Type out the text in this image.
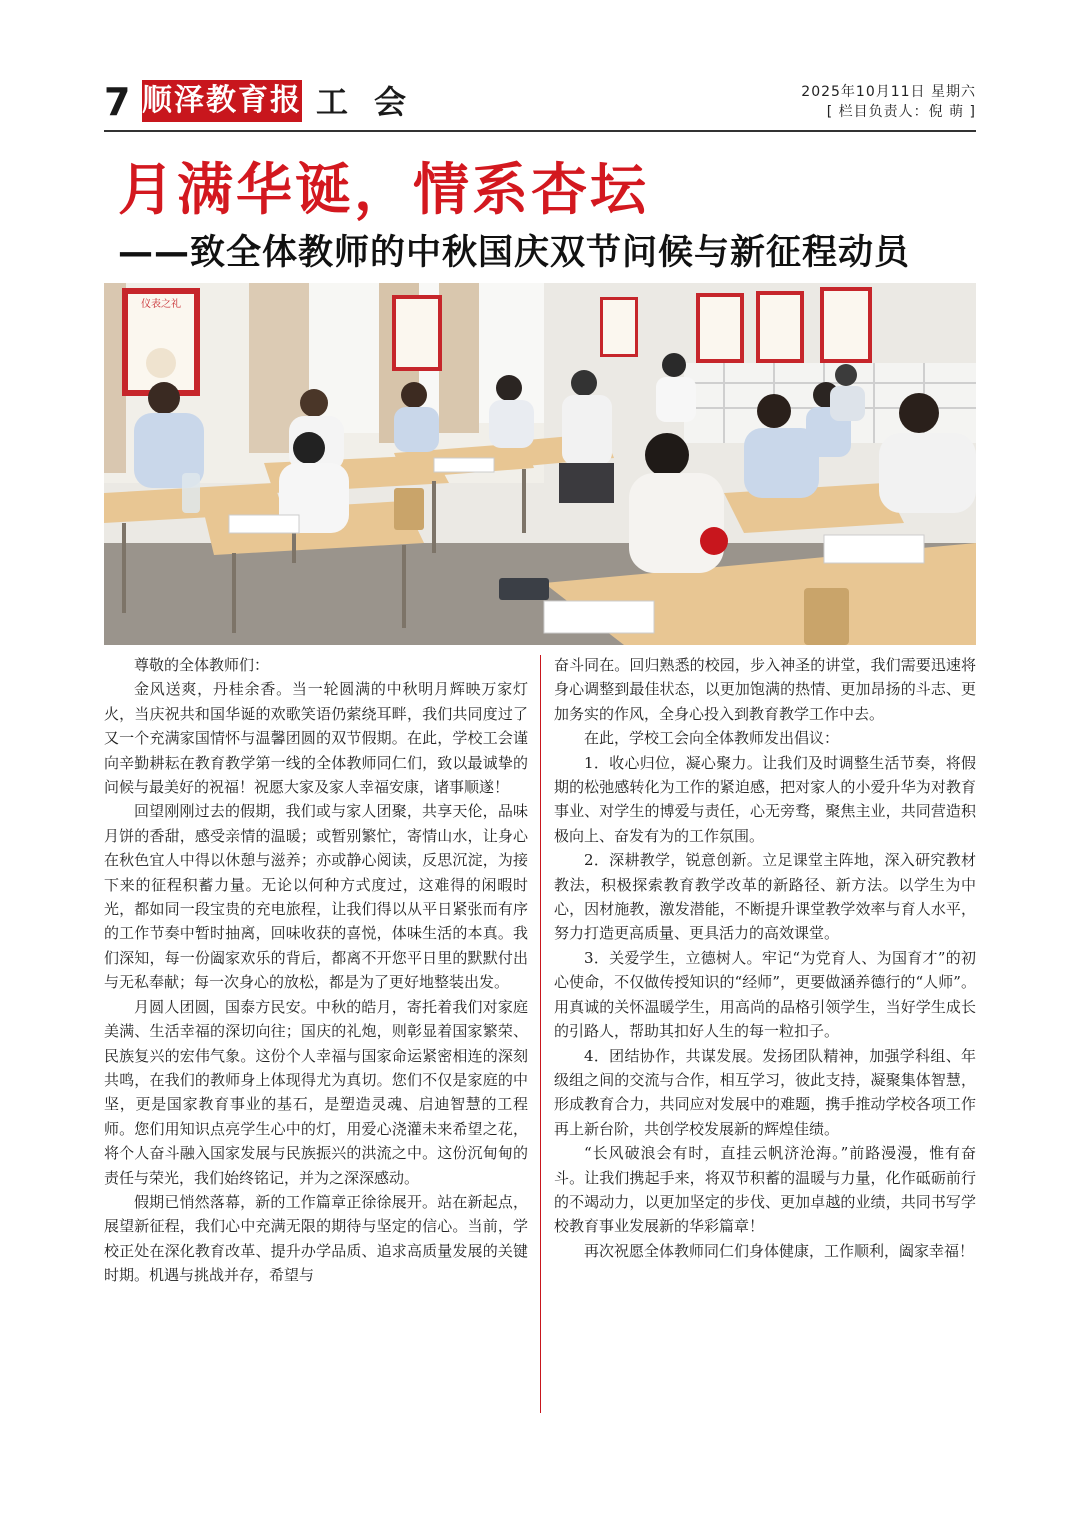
7 顺泽教育报 工会	2025年10月11日 星期六
[ 栏目负责人：倪 萌 ]
月满华诞，情系杏坛
——致全体教师的中秋国庆双节问候与新征程动员
仪表之礼

尊敬的全体教师们：

金风送爽，丹桂余香。当一轮圆满的中秋明月辉映万家灯火，当庆祝共和国华诞的欢歌笑语仍萦绕耳畔，我们共同度过了又一个充满家国情怀与温馨团圆的双节假期。在此，学校工会谨向辛勤耕耘在教育教学第一线的全体教师同仁们，致以最诚挚的问候与最美好的祝福！祝愿大家及家人幸福安康，诸事顺遂！

回望刚刚过去的假期，我们或与家人团聚，共享天伦，品味月饼的香甜，感受亲情的温暖；或暂别繁忙，寄情山水，让身心在秋色宜人中得以休憩与滋养；亦或静心阅读，反思沉淀，为接下来的征程积蓄力量。无论以何种方式度过，这难得的闲暇时光，都如同一段宝贵的充电旅程，让我们得以从平日紧张而有序的工作节奏中暂时抽离，回味收获的喜悦，体味生活的本真。我们深知，每一份阖家欢乐的背后，都离不开您平日里的默默付出与无私奉献；每一次身心的放松，都是为了更好地整装出发。

月圆人团圆，国泰方民安。中秋的皓月，寄托着我们对家庭美满、生活幸福的深切向往；国庆的礼炮，则彰显着国家繁荣、民族复兴的宏伟气象。这份个人幸福与国家命运紧密相连的深刻共鸣，在我们的教师身上体现得尤为真切。您们不仅是家庭的中坚，更是国家教育事业的基石，是塑造灵魂、启迪智慧的工程师。您们用知识点亮学生心中的灯，用爱心浇灌未来希望之花，将个人奋斗融入国家发展与民族振兴的洪流之中。这份沉甸甸的责任与荣光，我们始终铭记，并为之深深感动。

假期已悄然落幕，新的工作篇章正徐徐展开。站在新起点，展望新征程，我们心中充满无限的期待与坚定的信心。当前，学校正处在深化教育改革、提升办学品质、追求高质量发展的关键时期。机遇与挑战并存，希望与

奋斗同在。回归熟悉的校园，步入神圣的讲堂，我们需要迅速将身心调整到最佳状态，以更加饱满的热情、更加昂扬的斗志、更加务实的作风，全身心投入到教育教学工作中去。

在此，学校工会向全体教师发出倡议：

1．收心归位，凝心聚力。让我们及时调整生活节奏，将假期的松弛感转化为工作的紧迫感，把对家人的小爱升华为对教育事业、对学生的博爱与责任，心无旁骛，聚焦主业，共同营造积极向上、奋发有为的工作氛围。

2．深耕教学，锐意创新。立足课堂主阵地，深入研究教材教法，积极探索教育教学改革的新路径、新方法。以学生为中心，因材施教，激发潜能，不断提升课堂教学效率与育人水平，努力打造更高质量、更具活力的高效课堂。

3．关爱学生，立德树人。牢记“为党育人、为国育才”的初心使命，不仅做传授知识的“经师”，更要做涵养德行的“人师”。用真诚的关怀温暖学生，用高尚的品格引领学生，当好学生成长的引路人，帮助其扣好人生的每一粒扣子。

4．团结协作，共谋发展。发扬团队精神，加强学科组、年级组之间的交流与合作，相互学习，彼此支持，凝聚集体智慧，形成教育合力，共同应对发展中的难题，携手推动学校各项工作再上新台阶，共创学校发展新的辉煌佳绩。

“长风破浪会有时，直挂云帆济沧海。”前路漫漫，惟有奋斗。让我们携起手来，将双节积蓄的温暖与力量，化作砥砺前行的不竭动力，以更加坚定的步伐、更加卓越的业绩，共同书写学校教育事业发展新的华彩篇章！

再次祝愿全体教师同仁们身体健康，工作顺利，阖家幸福！
